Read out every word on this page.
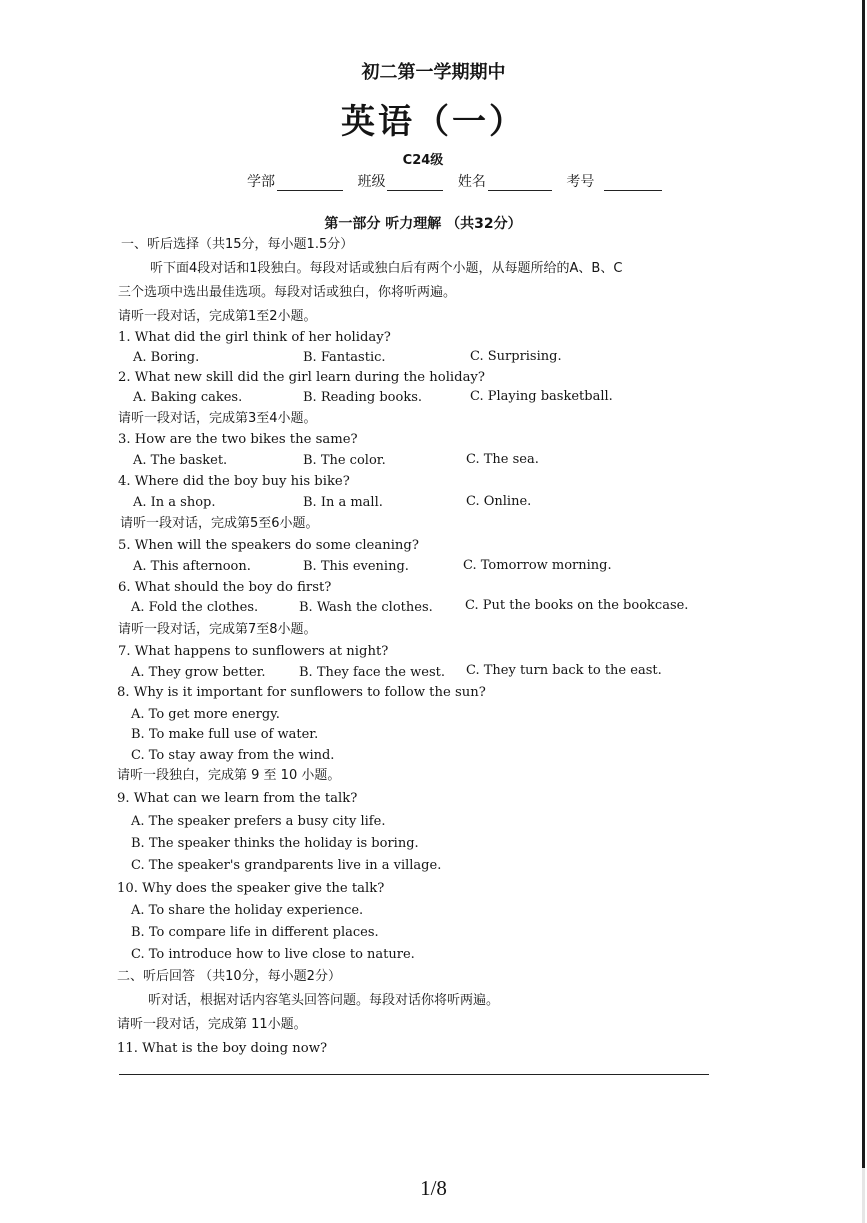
初二第一学期期中
英语（一）
C24级
学部	班级	姓名	考号
第一部分 听力理解 （共32分）
一、听后选择（共15分，每小题1.5分）
听下面4段对话和1段独白。每段对话或独白后有两个小题，从每题所给的A、B、C
三个选项中选出最佳选项。每段对话或独白，你将听两遍。
请听一段对话，完成第1至2小题。
1. What did the girl think of her holiday?
A. Boring.	B. Fantastic.	C. Surprising.
2. What new skill did the girl learn during the holiday?
A. Baking cakes.	B. Reading books.	C. Playing basketball.
请听一段对话，完成第3至4小题。
3. How are the two bikes the same?
A. The basket.	B. The color.	C. The sea.
4. Where did the boy buy his bike?
A. In a shop.	B. In a mall.	C. Online.
请听一段对话，完成第5至6小题。
5. When will the speakers do some cleaning?
A. This afternoon.	B. This evening.	C. Tomorrow morning.
6. What should the boy do first?
A. Fold the clothes.	B. Wash the clothes. C. Put the books on the bookcase.
请听一段对话，完成第7至8小题。
7. What happens to sunflowers at night?
A. They grow better.	B. They face the west. C. They turn back to the east.
8. Why is it important for sunflowers to follow the sun?
A. To get more energy.
B. To make full use of water.
C. To stay away from the wind.
请听一段独白，完成第 9 至 10 小题。
9. What can we learn from the talk?
A. The speaker prefers a busy city life.
B. The speaker thinks the holiday is boring.
C. The speaker's grandparents live in a village.
10. Why does the speaker give the talk?
A. To share the holiday experience.
B. To compare life in different places.
C. To introduce how to live close to nature.
二、听后回答 （共10分，每小题2分）
听对话，根据对话内容笔头回答问题。每段对话你将听两遍。
请听一段对话，完成第 11小题。
11. What is the boy doing now?
1/8
